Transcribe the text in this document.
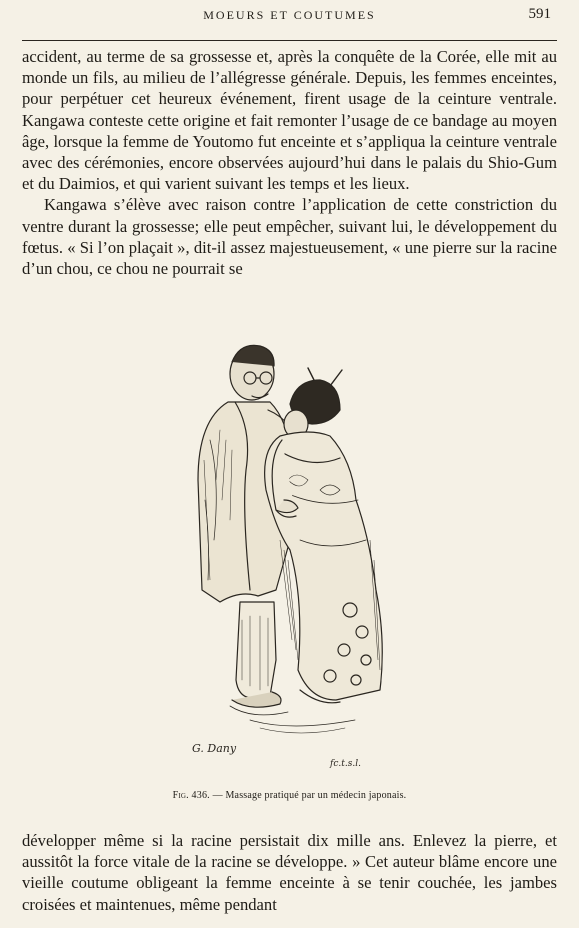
MOEURS ET COUTUMES	591

accident, au terme de sa grossesse et, après la conquête de la Corée, elle mit au monde un fils, au milieu de l’allégresse générale. Depuis, les femmes enceintes, pour perpétuer cet heureux événement, firent usage de la ceinture ventrale. Kangawa conteste cette origine et fait remonter l’usage de ce bandage au moyen âge, lorsque la femme de Youtomo fut enceinte et s’appliqua la ceinture ventrale avec des cérémonies, encore observées aujourd’hui dans le palais du Shio-Gum et du Daimios, et qui varient suivant les temps et les lieux.

Kangawa s’élève avec raison contre l’application de cette constriction du ventre durant la grossesse; elle peut empêcher, suivant lui, le développement du fœtus. « Si l’on plaçait », dit-il assez majestueusement, « une pierre sur la racine d’un chou, ce chou ne pourrait se

G. Dany
fc.t.s.l.
Fig. 436. — Massage pratiqué par un médecin japonais.

développer même si la racine persistait dix mille ans. Enlevez la pierre, et aussitôt la force vitale de la racine se développe. » Cet auteur blâme encore une vieille coutume obligeant la femme enceinte à se tenir couchée, les jambes croisées et maintenues, même pendant
